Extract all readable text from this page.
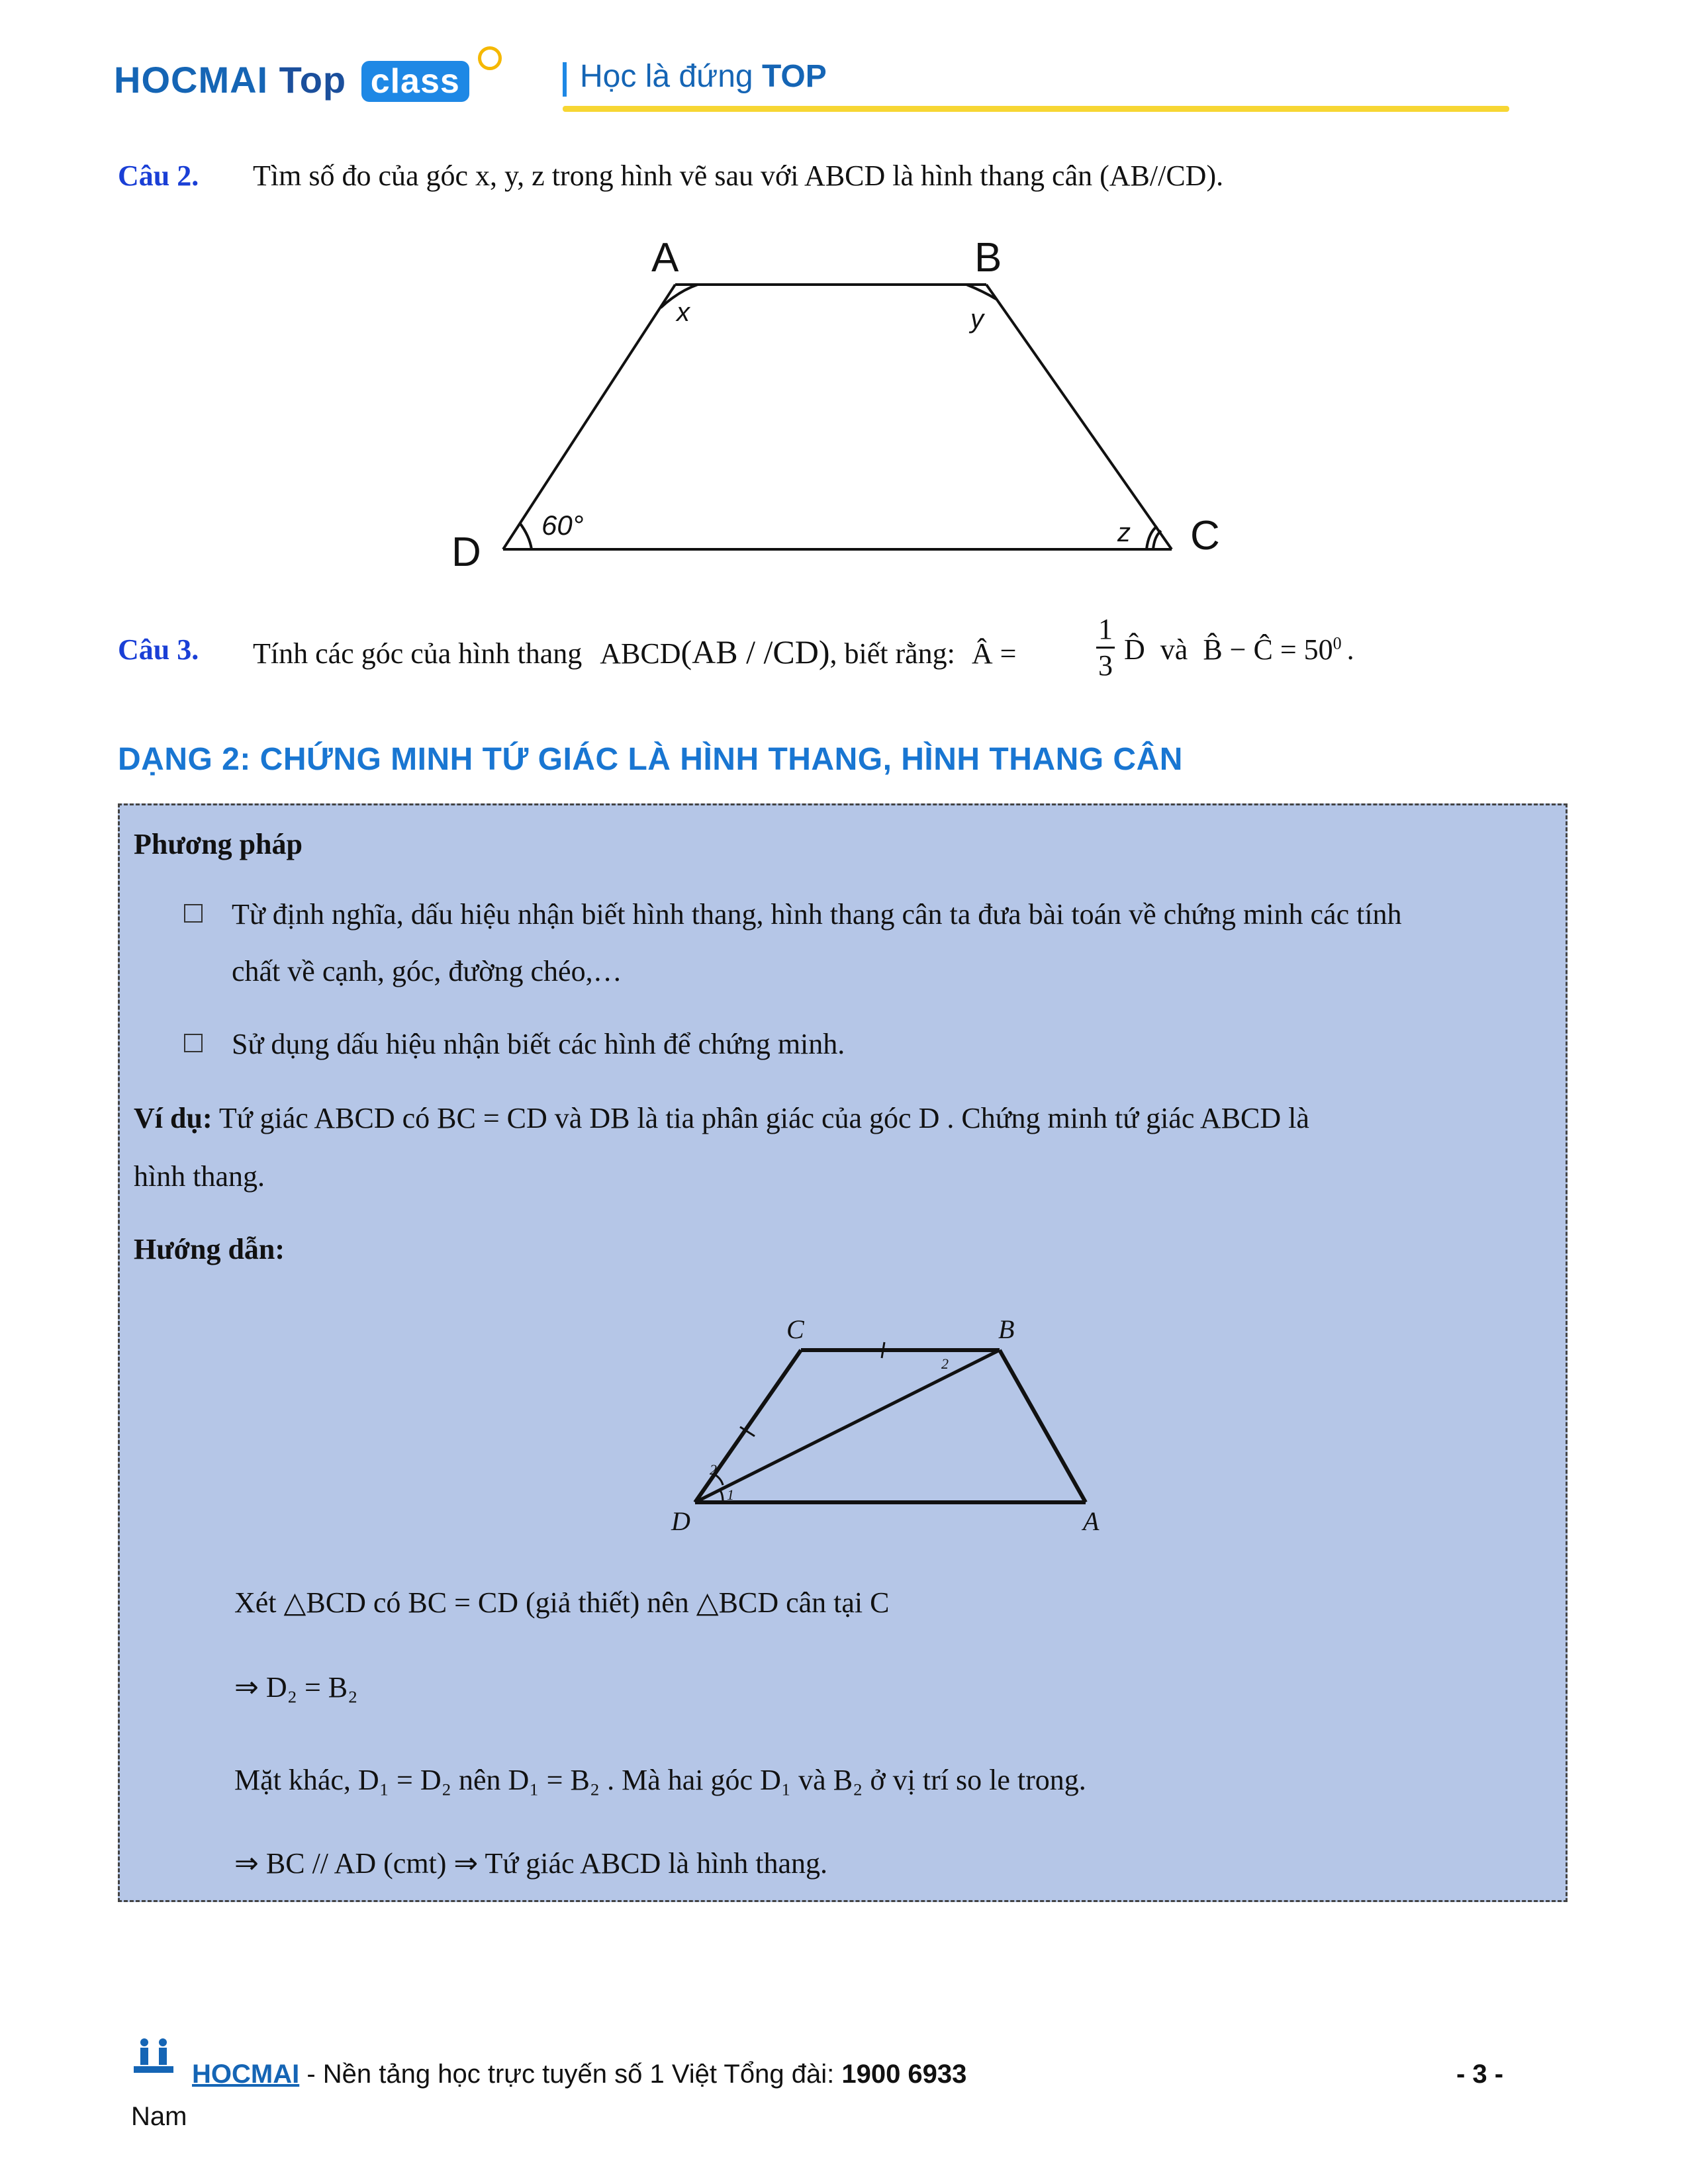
HOCMAI Top class	Học là đứng TOP
Câu 2. Tìm số đo của góc x, y, z trong hình vẽ sau với ABCD là hình thang cân (AB//CD).
A	B
C
D
x	y
z
60°
Câu 3. Tính các góc của hình thang ABCD(AB / /CD), biết rằng: Â =
1
3 D̂ và B̂ − Ĉ = $50^0$ .
DẠNG 2: CHỨNG MINH TỨ GIÁC LÀ HÌNH THANG, HÌNH THANG CÂN
Phương pháp
Từ định nghĩa, dấu hiệu nhận biết hình thang, hình thang cân ta đưa bài toán về chứng minh các tính
chất về cạnh, góc, đường chéo,…
Sử dụng dấu hiệu nhận biết các hình để chứng minh.
Ví dụ: Tứ giác ABCD có BC = CD và DB là tia phân giác của góc D . Chứng minh tứ giác ABCD là
hình thang.
Hướng dẫn:
C	B
D	A
2
2
1
Xét △BCD có BC = CD (giả thiết) nên △BCD cân tại C
⇒ D₂ = B₂
Mặt khác, D₁ = D₂ nên D₁ = B₂ . Mà hai góc D₁ và B₂ ở vị trí so le trong.
⇒ BC // AD (cmt) ⇒ Tứ giác ABCD là hình thang.
HOCMAI - Nền tảng học trực tuyến số 1 Việt Tổng đài: 1900 6933	- 3 -
Nam
